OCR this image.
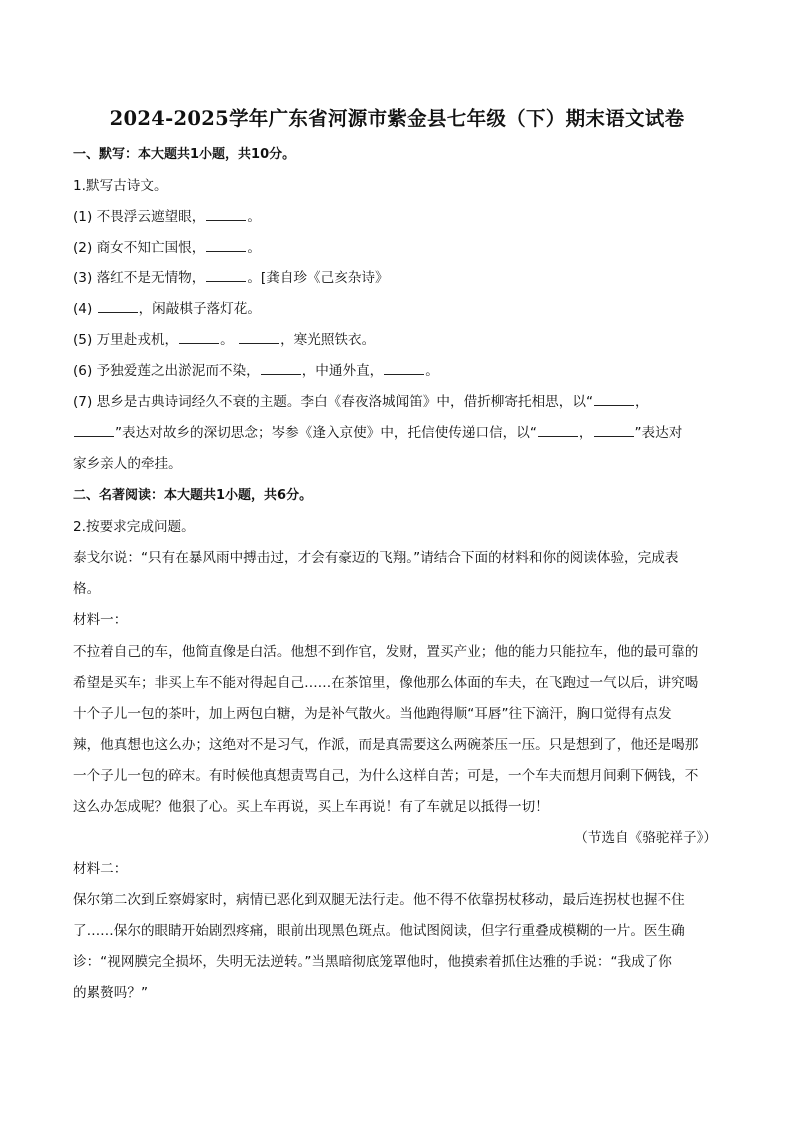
2024-2025学年广东省河源市紫金县七年级（下）期末语文试卷
一、默写：本大题共1小题，共10分。
1.默写古诗文。
(1) 不畏浮云遮望眼，	。
(2) 商女不知亡国恨，	。
(3) 落红不是无情物，	。[龚自珍《己亥杂诗》
(4)	，闲敲棋子落灯花。
(5) 万里赴戎机，	。	，寒光照铁衣。
(6) 予独爱莲之出淤泥而不染，	，中通外直，	。
(7) 思乡是古典诗词经久不衰的主题。李白《春夜洛城闻笛》中，借折柳寄托相思，以“	，
”表达对故乡的深切思念；岑参《逢入京使》中，托信使传递口信，以“	，	”表达对
家乡亲人的牵挂。
二、名著阅读：本大题共1小题，共6分。
2.按要求完成问题。
泰戈尔说：“只有在暴风雨中搏击过，才会有豪迈的飞翔。”请结合下面的材料和你的阅读体验，完成表
格。
材料一：
不拉着自己的车，他简直像是白活。他想不到作官，发财，置买产业；他的能力只能拉车，他的最可靠的
希望是买车；非买上车不能对得起自己……在茶馆里，像他那么体面的车夫，在飞跑过一气以后，讲究喝
十个子儿一包的茶叶，加上两包白糖，为是补气散火。当他跑得顺“耳唇”往下滴汗，胸口觉得有点发
辣，他真想也这么办；这绝对不是习气，作派，而是真需要这么两碗茶压一压。只是想到了，他还是喝那
一个子儿一包的碎末。有时候他真想责骂自己，为什么这样自苦；可是，一个车夫而想月间剩下俩钱，不
这么办怎成呢？他狠了心。买上车再说，买上车再说！有了车就足以抵得一切！
（节选自《骆驼祥子》）
材料二：
保尔第二次到丘察姆家时，病情已恶化到双腿无法行走。他不得不依靠拐杖移动，最后连拐杖也握不住
了……保尔的眼睛开始剧烈疼痛，眼前出现黑色斑点。他试图阅读，但字行重叠成模糊的一片。医生确
诊：“视网膜完全损坏，失明无法逆转。”当黑暗彻底笼罩他时，他摸索着抓住达雅的手说：“我成了你
的累赘吗？”
